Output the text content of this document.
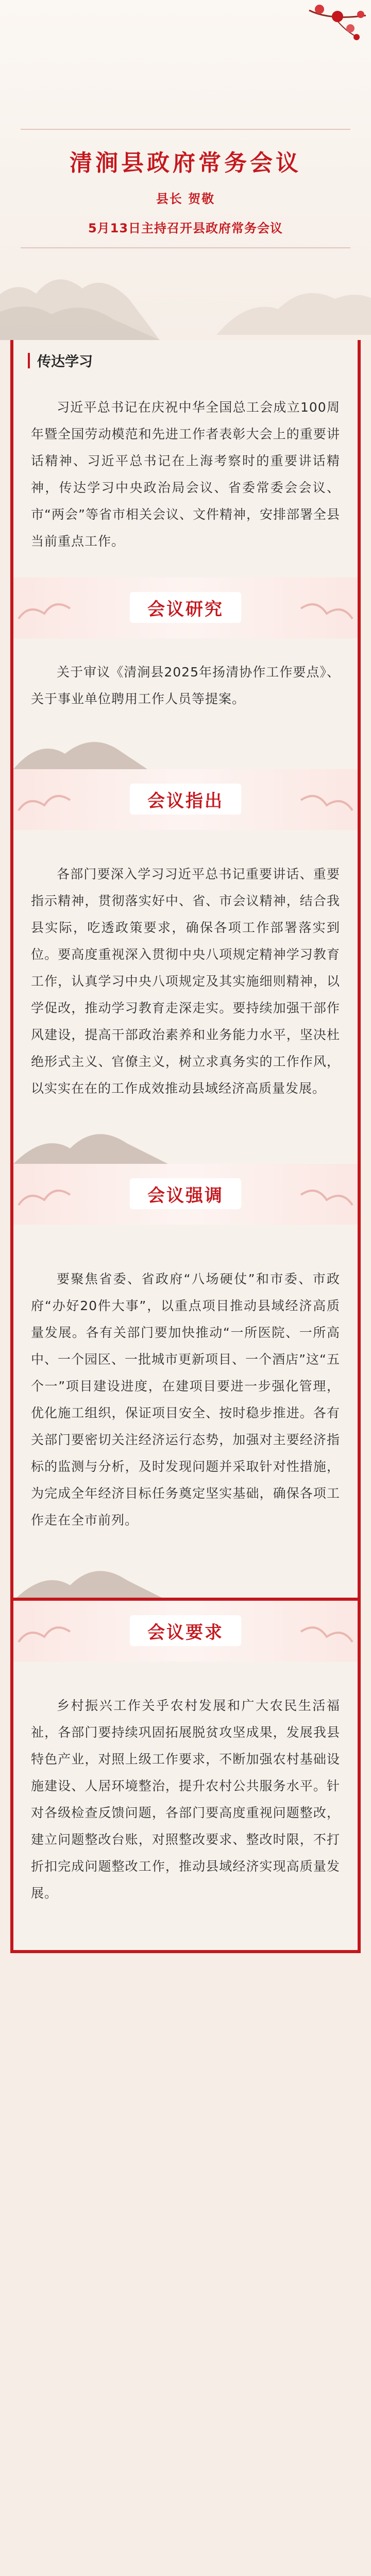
清涧县政府常务会议
县长 贺敬
5月13日主持召开县政府常务会议
传达学习
习近平总书记在庆祝中华全国总工会成立100周年暨全国劳动模范和先进工作者表彰大会上的重要讲话精神、习近平总书记在上海考察时的重要讲话精神，传达学习中央政治局会议、省委常委会会议、市“两会”等省市相关会议、文件精神，安排部署全县当前重点工作。
会议研究
关于审议《清涧县2025年扬清协作工作要点》、关于事业单位聘用工作人员等提案。
会议指出
各部门要深入学习习近平总书记重要讲话、重要指示精神，贯彻落实好中、省、市会议精神，结合我县实际，吃透政策要求，确保各项工作部署落实到位。要高度重视深入贯彻中央八项规定精神学习教育工作，认真学习中央八项规定及其实施细则精神，以学促改，推动学习教育走深走实。要持续加强干部作风建设，提高干部政治素养和业务能力水平，坚决杜绝形式主义、官僚主义，树立求真务实的工作作风，以实实在在的工作成效推动县域经济高质量发展。
会议强调
要聚焦省委、省政府“八场硬仗”和市委、市政府“办好20件大事”，以重点项目推动县域经济高质量发展。各有关部门要加快推动“一所医院、一所高中、一个园区、一批城市更新项目、一个酒店”这“五个一”项目建设进度，在建项目要进一步强化管理，优化施工组织，保证项目安全、按时稳步推进。各有关部门要密切关注经济运行态势，加强对主要经济指标的监测与分析，及时发现问题并采取针对性措施，为完成全年经济目标任务奠定坚实基础，确保各项工作走在全市前列。
会议要求
乡村振兴工作关乎农村发展和广大农民生活福祉，各部门要持续巩固拓展脱贫攻坚成果，发展我县特色产业，对照上级工作要求，不断加强农村基础设施建设、人居环境整治，提升农村公共服务水平。针对各级检查反馈问题，各部门要高度重视问题整改，建立问题整改台账，对照整改要求、整改时限，不打折扣完成问题整改工作，推动县域经济实现高质量发展。
